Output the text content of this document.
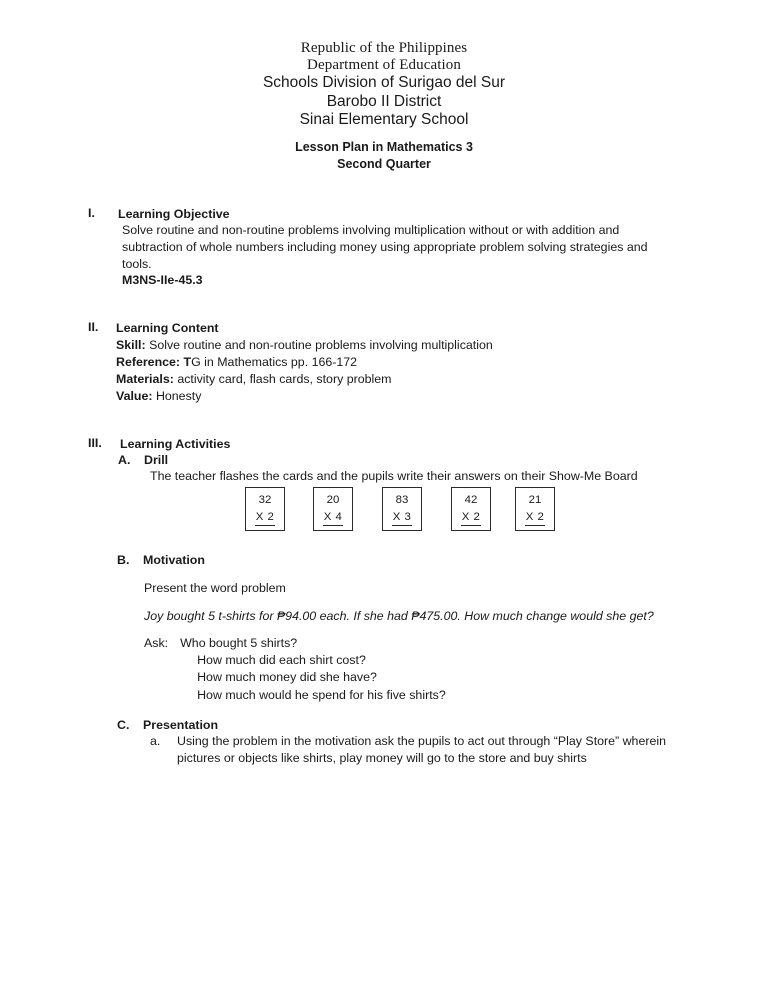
Republic of the Philippines
Department of Education
Schools Division of Surigao del Sur
Barobo II District
Sinai Elementary School
Lesson Plan in Mathematics 3
Second Quarter
I. Learning Objective
Solve routine and non-routine problems involving multiplication without or with addition and subtraction of whole numbers including money using appropriate problem solving strategies and tools.
M3NS-IIe-45.3
II. Learning Content
Skill: Solve routine and non-routine problems involving multiplication
Reference: TG in Mathematics pp. 166-172
Materials: activity card, flash cards, story problem
Value: Honesty
III. Learning Activities
A. Drill
The teacher flashes the cards and the pupils write their answers on their Show-Me Board
32
X 2
20
X 4
83
X 3
42
X 2
21
X 2
B. Motivation
Present the word problem
Joy bought 5 t-shirts for ₱94.00 each. If she had ₱475.00. How much change would she get?
Ask:	Who bought 5 shirts?
How much did each shirt cost?
How much money did she have?
How much would he spend for his five shirts?
C. Presentation
a. Using the problem in the motivation ask the pupils to act out through “Play Store” wherein pictures or objects like shirts, play money will go to the store and buy shirts
